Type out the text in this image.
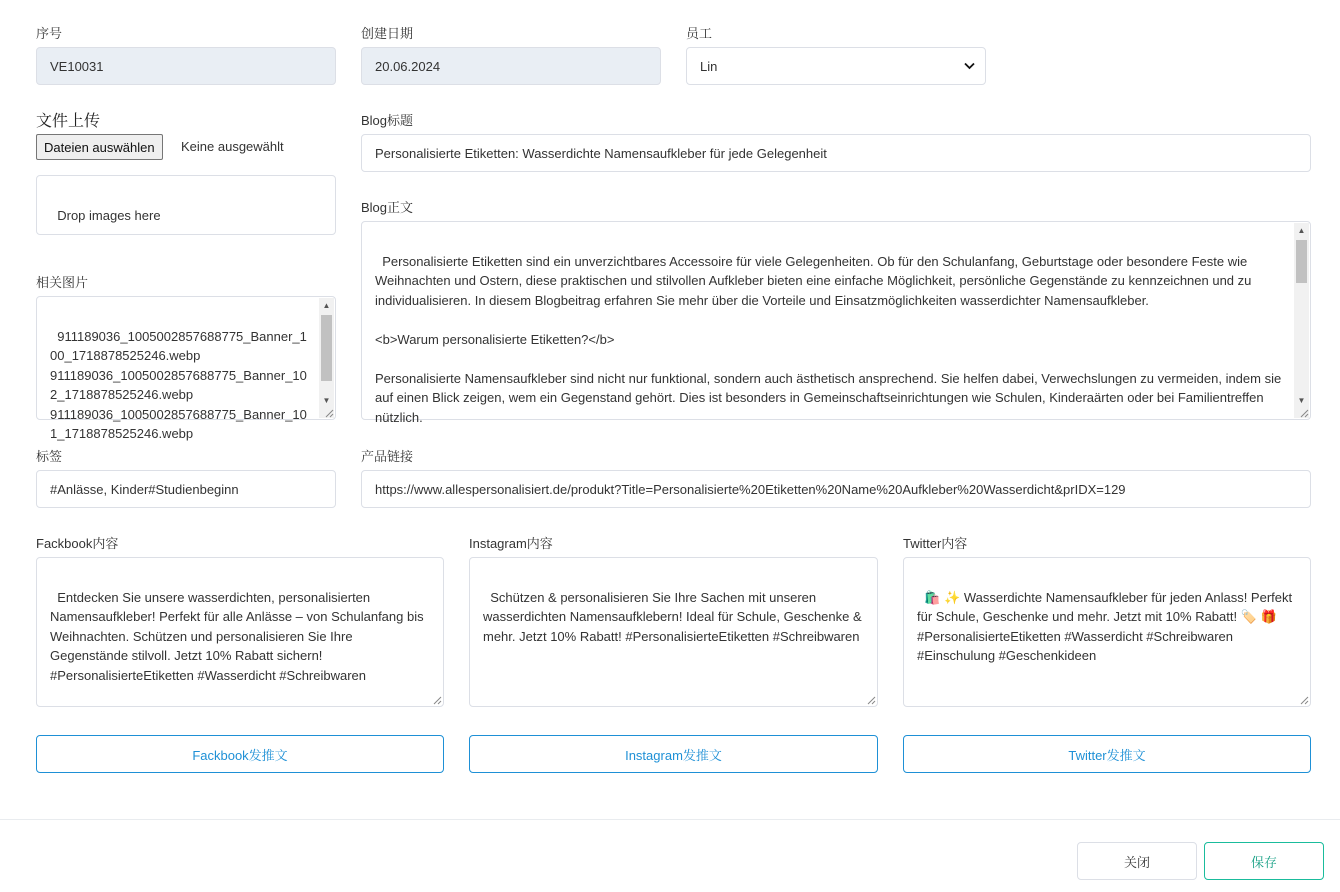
序号
VE10031
创建日期
20.06.2024
员工
Lin
文件上传
Dateien auswählen	Keine ausgewählt

Drop images here

Blog标题
Personalisierte Etiketten: Wasserdichte Namensaufkleber für jede Gelegenheit
Blog正文

Personalisierte Etiketten sind ein unverzichtbares Accessoire für viele Gelegenheiten. Ob für den Schulanfang, Geburtstage oder besondere Feste wie Weihnachten und Ostern, diese praktischen und stilvollen Aufkleber bieten eine einfache Möglichkeit, persönliche Gegenstände zu kennzeichnen und zu individualisieren. In diesem Blogbeitrag erfahren Sie mehr über die Vorteile und Einsatzmöglichkeiten wasserdichter Namensaufkleber.

<b>Warum personalisierte Etiketten?</b>

Personalisierte Namensaufkleber sind nicht nur funktional, sondern auch ästhetisch ansprechend. Sie helfen dabei, Verwechslungen zu vermeiden, indem sie auf einen Blick zeigen, wem ein Gegenstand gehört. Dies ist besonders in Gemeinschaftseinrichtungen wie Schulen, Kinderaärten oder bei Familientreffen nützlich.

▲

▼

相关图片

911189036_1005002857688775_Banner_100_1718878525246.webp
911189036_1005002857688775_Banner_102_1718878525246.webp
911189036_1005002857688775_Banner_101_1718878525246.webp

▲

▼

标签
#Anlässe, Kinder#Studienbeginn
产品链接
https://www.allespersonalisiert.de/produkt?Title=Personalisierte%20Etiketten%20Name%20Aufkleber%20Wasserdicht&prIDX=129
Fackbook内容

Entdecken Sie unsere wasserdichten, personalisierten Namensaufkleber! Perfekt für alle Anlässe – von Schulanfang bis Weihnachten. Schützen und personalisieren Sie Ihre Gegenstände stilvoll. Jetzt 10% Rabatt sichern! #PersonalisierteEtiketten #Wasserdicht #Schreibwaren

Instagram内容

Schützen & personalisieren Sie Ihre Sachen mit unseren wasserdichten Namensaufklebern! Ideal für Schule, Geschenke & mehr. Jetzt 10% Rabatt! #PersonalisierteEtiketten #Schreibwaren

Twitter内容

🛍️ ✨ Wasserdichte Namensaufkleber für jeden Anlass! Perfekt für Schule, Geschenke und mehr. Jetzt mit 10% Rabatt! 🏷️ 🎁 #PersonalisierteEtiketten #Wasserdicht #Schreibwaren #Einschulung #Geschenkideen

Fackbook发推文	Instagram发推文	Twitter发推文
关闭	保存
